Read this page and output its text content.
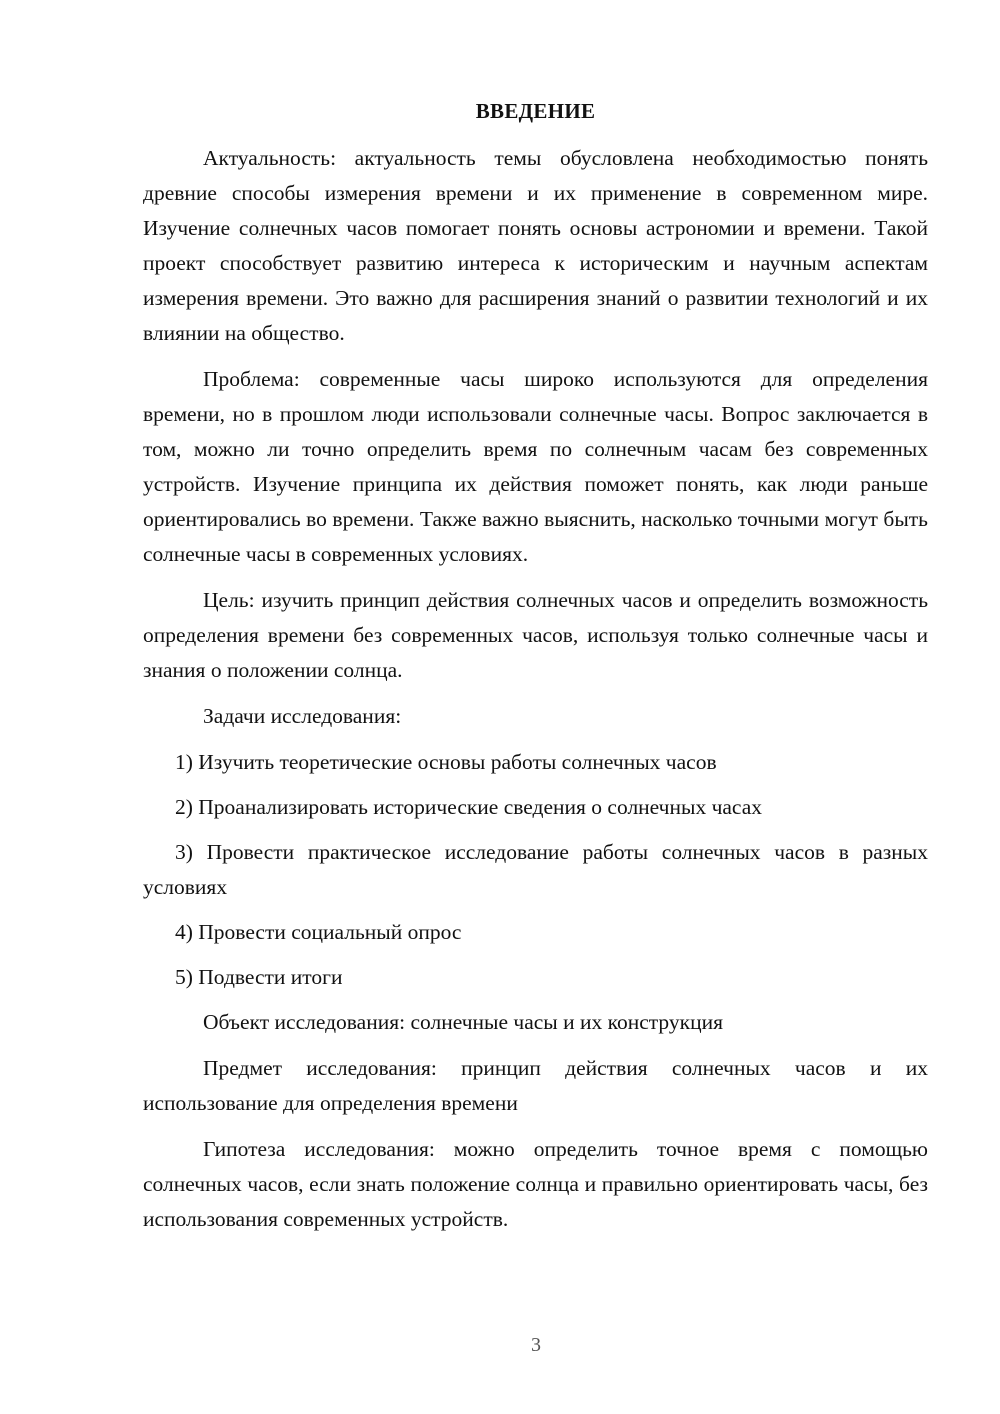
ВВЕДЕНИЕ

Актуальность: актуальность темы обусловлена необходимостью понять древние способы измерения времени и их применение в современном мире. Изучение солнечных часов помогает понять основы астрономии и времени. Такой проект способствует развитию интереса к историческим и научным аспектам измерения времени. Это важно для расширения знаний о развитии технологий и их влиянии на общество.

Проблема: современные часы широко используются для определения времени, но в прошлом люди использовали солнечные часы. Вопрос заключается в том, можно ли точно определить время по солнечным часам без современных устройств. Изучение принципа их действия поможет понять, как люди раньше ориентировались во времени. Также важно выяснить, насколько точными могут быть солнечные часы в современных условиях.

Цель: изучить принцип действия солнечных часов и определить возможность определения времени без современных часов, используя только солнечные часы и знания о положении солнца.

Задачи исследования:

1) Изучить теоретические основы работы солнечных часов

2) Проанализировать исторические сведения о солнечных часах

3) Провести практическое исследование работы солнечных часов в разных условиях

4) Провести социальный опрос

5) Подвести итоги

Объект исследования: солнечные часы и их конструкция

Предмет исследования: принцип действия солнечных часов и их использование для определения времени

Гипотеза исследования: можно определить точное время с помощью солнечных часов, если знать положение солнца и правильно ориентировать часы, без использования современных устройств.

3
